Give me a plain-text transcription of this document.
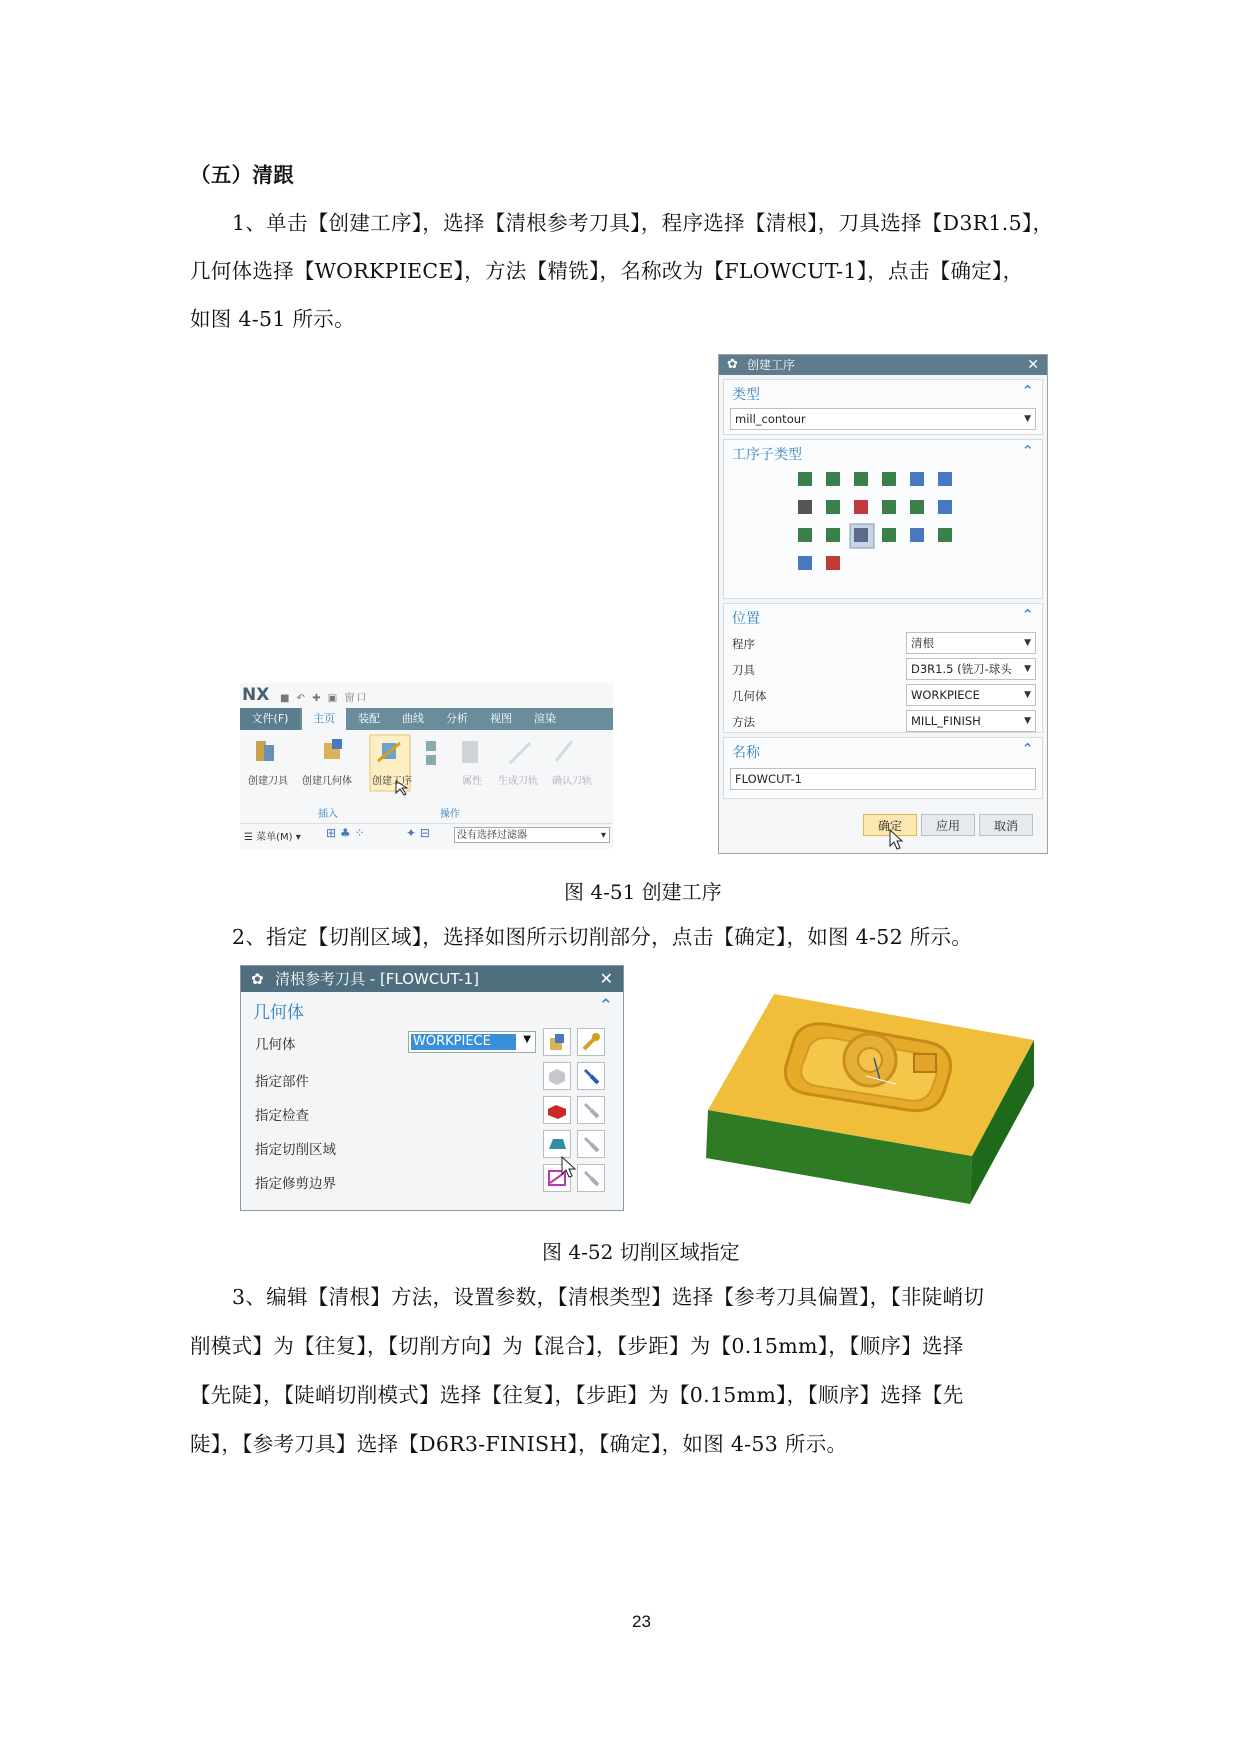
（五）清跟
1、单击【创建工序】，选择【清根参考刀具】，程序选择【清根】，刀具选择【D3R1.5】，
几何体选择【WORKPIECE】，方法【精铣】，名称改为【FLOWCUT-1】，点击【确定】，
如图 4-51 所示。
NX ■ ↶ ✚ ▣ 窗口
文件(F)	主页	装配	曲线	分析	视图	渲染
创建刀具 创建几何体 创建工序	属性 生成刀轨 确认刀轨
插入	操作
☰ 菜单(M) ▾ ⊞ ♣ ⁘	✦ ⊟	没有选择过滤器	▾
✿ 创建工序	✕
类型	⌃
mill_contour	▼
工序子类型	⌃
位置	⌃
程序	清根	▼
刀具	D3R1.5 (铣刀-球头 ▼
几何体	WORKPIECE	▼
方法	MILL_FINISH	▼
名称	⌃
FLOWCUT-1
确定	应用	取消
图 4-51 创建工序
2、指定【切削区域】，选择如图所示切削部分，点击【确定】，如图 4-52 所示。
✿ 清根参考刀具 - [FLOWCUT-1]	✕
几何体	⌃
几何体	WORKPIECE	▼
指定部件
指定检查
指定切削区域
指定修剪边界
图 4-52 切削区域指定
3、编辑【清根】方法，设置参数，【清根类型】选择【参考刀具偏置】，【非陡峭切
削模式】为【往复】，【切削方向】为【混合】，【步距】为【0.15mm】，【顺序】选择
【先陡】，【陡峭切削模式】选择【往复】，【步距】为【0.15mm】，【顺序】选择【先
陡】，【参考刀具】选择【D6R3-FINISH】，【确定】，如图 4-53 所示。
23
